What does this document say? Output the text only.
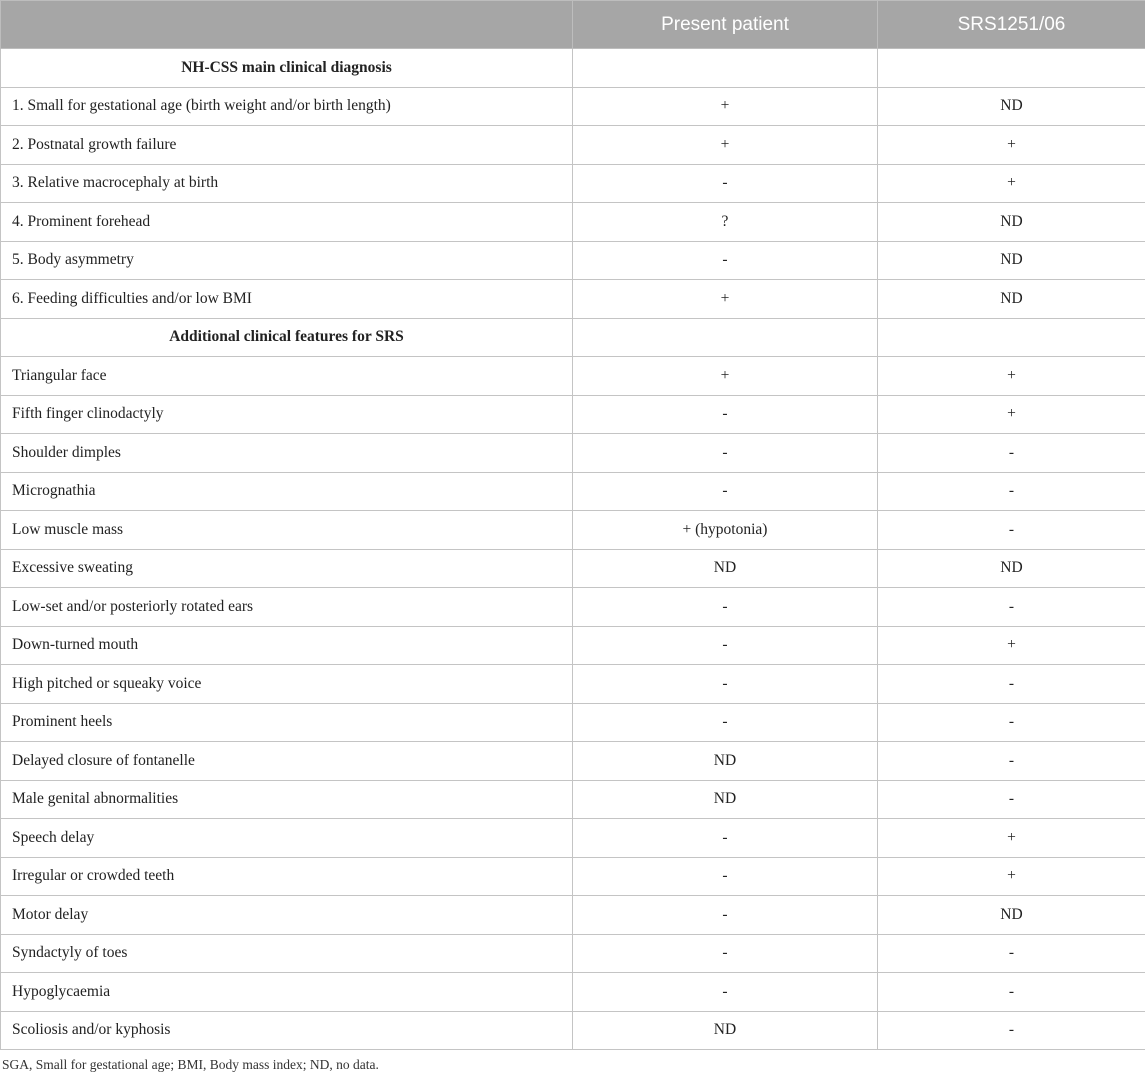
	Present patient	SRS1251/06
NH-CSS main clinical diagnosis		
1. Small for gestational age (birth weight and/or birth length)	+	ND
2. Postnatal growth failure	+	+
3. Relative macrocephaly at birth	-	+
4. Prominent forehead	?	ND
5. Body asymmetry	-	ND
6. Feeding difficulties and/or low BMI	+	ND
Additional clinical features for SRS		
Triangular face	+	+
Fifth finger clinodactyly	-	+
Shoulder dimples	-	-
Micrognathia	-	-
Low muscle mass	+ (hypotonia)	-
Excessive sweating	ND	ND
Low-set and/or posteriorly rotated ears	-	-
Down-turned mouth	-	+
High pitched or squeaky voice	-	-
Prominent heels	-	-
Delayed closure of fontanelle	ND	-
Male genital abnormalities	ND	-
Speech delay	-	+
Irregular or crowded teeth	-	+
Motor delay	-	ND
Syndactyly of toes	-	-
Hypoglycaemia	-	-
Scoliosis and/or kyphosis	ND	-
SGA, Small for gestational age; BMI, Body mass index; ND, no data.
